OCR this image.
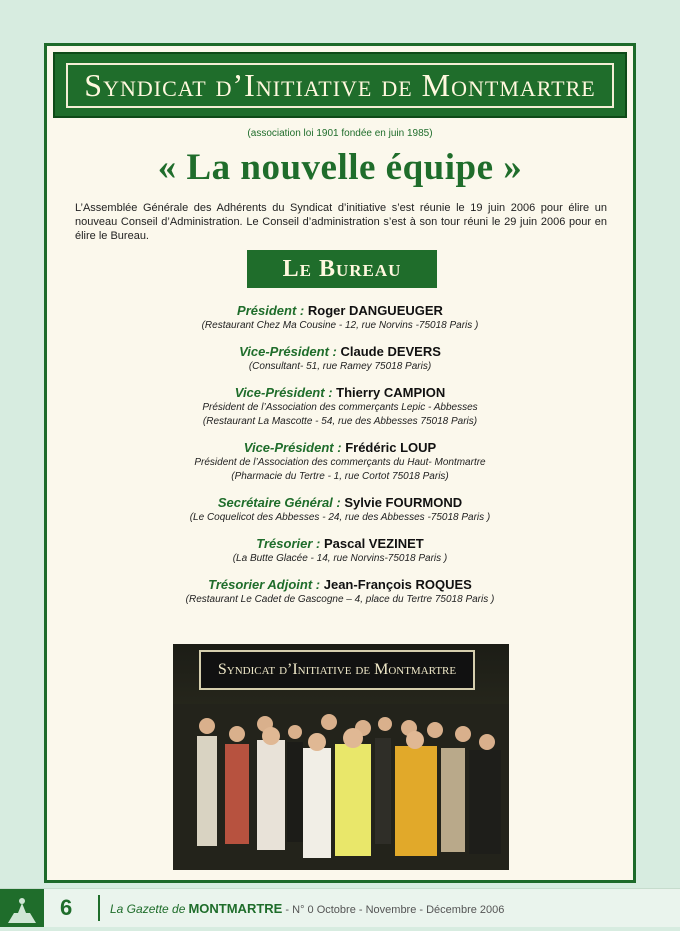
Syndicat d’Initiative de Montmartre
(association loi 1901 fondée en juin 1985)
« La nouvelle équipe »
L’Assemblée Générale des Adhérents du Syndicat d’initiative s’est réunie le 19 juin 2006 pour élire un nouveau Conseil d’Administration. Le Conseil d’administration s’est à son tour réuni le 29 juin 2006 pour en élire le Bureau.
Le Bureau
Président : Roger DANGUEUGER
(Restaurant Chez Ma Cousine - 12, rue Norvins -75018 Paris )
Vice-Président : Claude DEVERS
(Consultant- 51, rue Ramey 75018 Paris)
Vice-Président : Thierry CAMPION
Président de l’Association des commerçants Lepic - Abbesses
(Restaurant La Mascotte - 54, rue des Abbesses 75018 Paris)
Vice-Président : Frédéric LOUP
Président de l’Association des commerçants du Haut- Montmartre
(Pharmacie du Tertre - 1, rue Cortot 75018 Paris)
Secrétaire Général : Sylvie FOURMOND
(Le Coquelicot des Abbesses - 24, rue des Abbesses -75018 Paris )
Trésorier : Pascal VEZINET
(La Butte Glacée - 14, rue Norvins-75018 Paris )
Trésorier Adjoint : Jean-François ROQUES
(Restaurant Le Cadet de Gascogne – 4, place du Tertre 75018 Paris )
Syndicat d’Initiative de Montmartre
6	La Gazette de MONTMARTRE - N° 0 Octobre - Novembre - Décembre 2006
